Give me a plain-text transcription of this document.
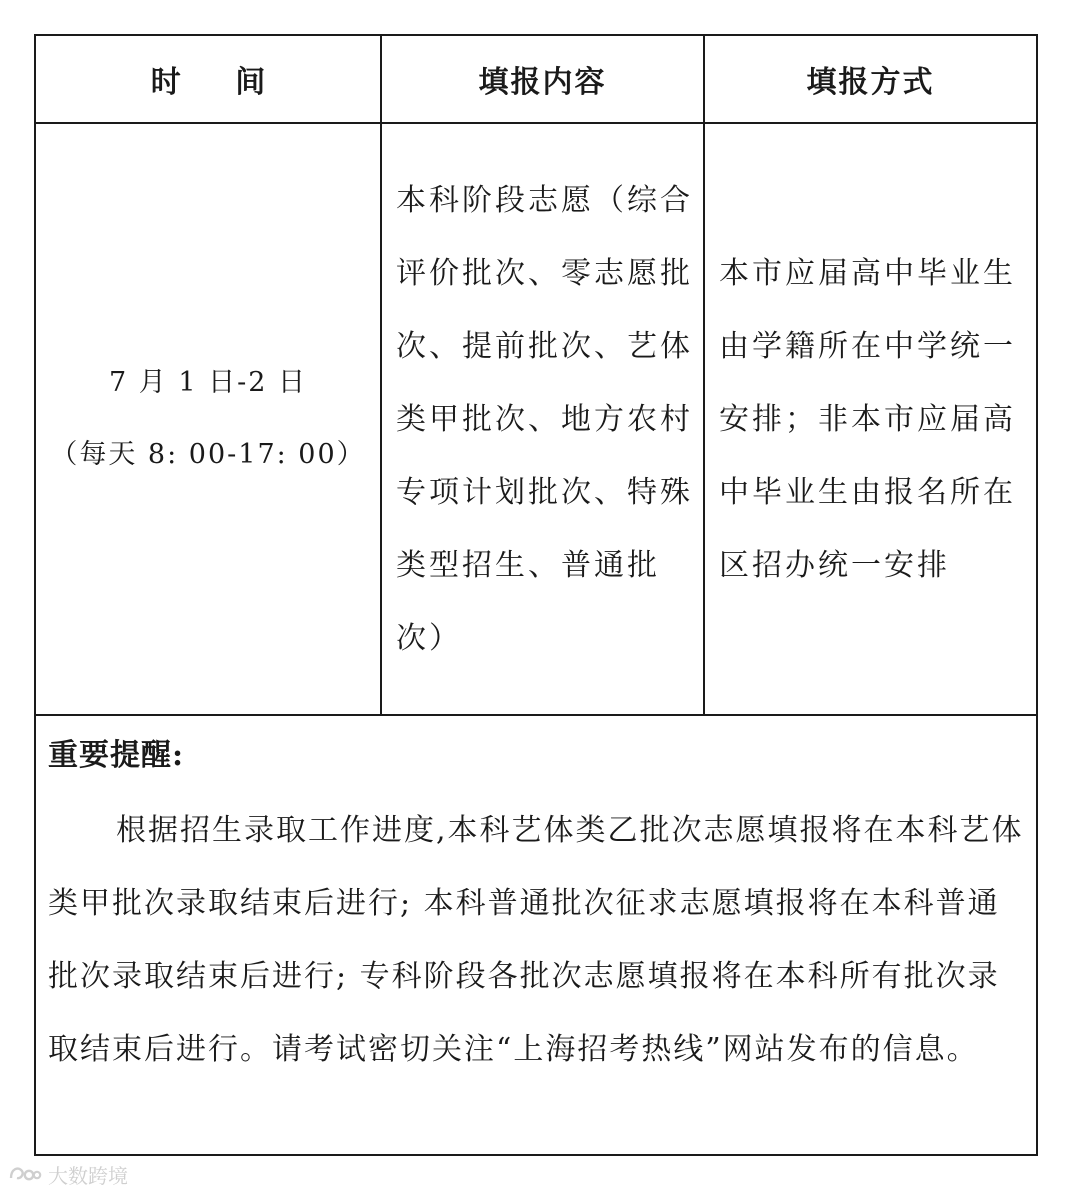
时 间	填报内容	填报方式
7 月 1 日-2 日
（每天 8: 00-17: 00）
本科阶段志愿（综合评价批次、零志愿批次、提前批次、艺体类甲批次、地方农村专项计划批次、特殊类型招生、普通批次）
本市应届高中毕业生由学籍所在中学统一安排；非本市应届高中毕业生由报名所在区招办统一安排
重要提醒:
根据招生录取工作进度,本科艺体类乙批次志愿填报将在本科艺体类甲批次录取结束后进行; 本科普通批次征求志愿填报将在本科普通批次录取结束后进行; 专科阶段各批次志愿填报将在本科所有批次录取结束后进行。请考试密切关注“上海招考热线”网站发布的信息。
大数跨境
